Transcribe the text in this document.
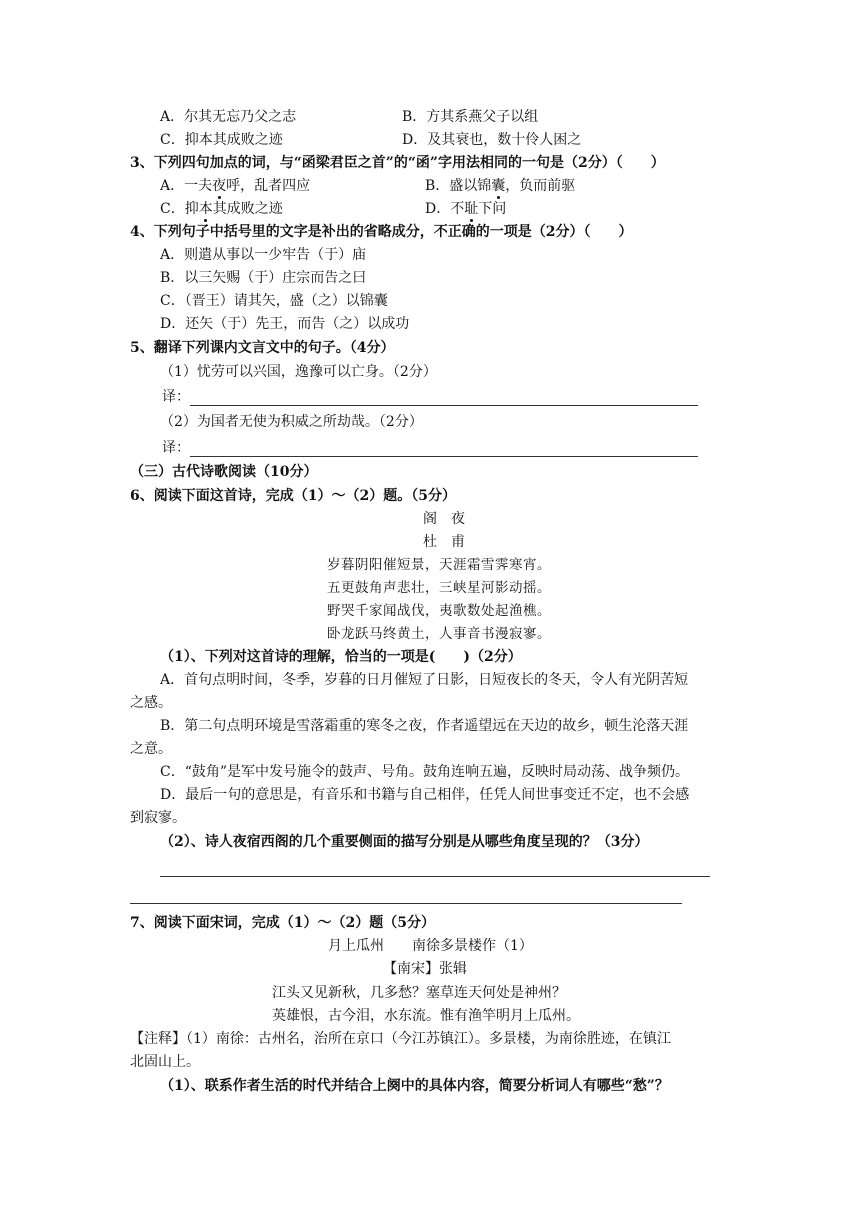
A．尔其无忘乃父之志	B．方其系燕父子以组
C．抑本其成败之迹	D．及其衰也，数十伶人困之
3、下列四句加点的词，与“函梁君臣之首”的“函”字用法相同的一句是（2分）（　　）
A．一夫夜呼，乱者四应	B．盛以锦囊，负而前驱
C．抑本其成败之迹	D．不耻下问
4、下列句子中括号里的文字是补出的省略成分，不正确的一项是（2分）（　　）
A．则遣从事以一少牢告（于）庙
B．以三矢赐（于）庄宗而告之曰
C．（晋王）请其矢，盛（之）以锦囊
D．还矢（于）先王，而告（之）以成功
5、翻译下列课内文言文中的句子。（4分）
（1）忧劳可以兴国，逸豫可以亡身。（2分）
译：
（2）为国者无使为积威之所劫哉。（2分）
译：
（三）古代诗歌阅读（10分）
6、阅读下面这首诗，完成（1）～（2）题。（5分）
阁　夜
杜　甫
岁暮阴阳催短景，天涯霜雪霁寒宵。
五更鼓角声悲壮，三峡星河影动摇。
野哭千家闻战伐，夷歌数处起渔樵。
卧龙跃马终黄土，人事音书漫寂寥。
（1）、下列对这首诗的理解，恰当的一项是(　　)（2分）
A．首句点明时间，冬季，岁暮的日月催短了日影，日短夜长的冬天，令人有光阴苦短
之感。
B．第二句点明环境是雪落霜重的寒冬之夜，作者遥望远在天边的故乡，顿生沦落天涯
之意。
C．“鼓角”是军中发号施令的鼓声、号角。鼓角连响五遍，反映时局动荡、战争频仍。
D．最后一句的意思是，有音乐和书籍与自己相伴，任凭人间世事变迁不定，也不会感
到寂寥。
（2）、诗人夜宿西阁的几个重要侧面的描写分别是从哪些角度呈现的？（3分）
7、阅读下面宋词，完成（1）～（2）题（5分）
月上瓜州　　南徐多景楼作（1）
【南宋】张辑
江头又见新秋，几多愁？塞草连天何处是神州？
英雄恨，古今泪，水东流。惟有渔竿明月上瓜州。
【注释】（1）南徐：古州名，治所在京口（今江苏镇江）。多景楼，为南徐胜迹，在镇江
北固山上。
（1）、联系作者生活的时代并结合上阕中的具体内容，简要分析词人有哪些“愁”？
